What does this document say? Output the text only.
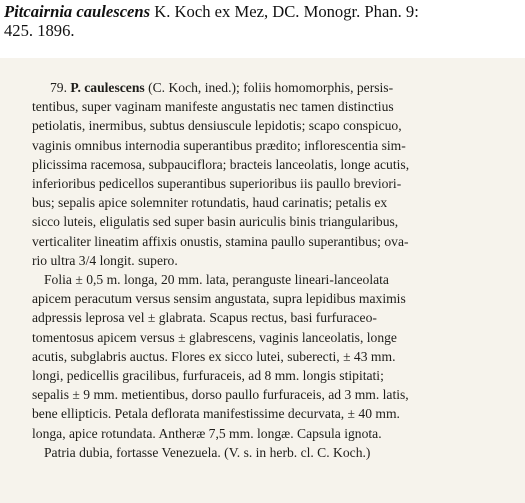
Pitcairnia caulescens K. Koch ex Mez, DC. Monogr. Phan. 9:
425. 1896.
79. P. caulescens (C. Koch, ined.); foliis homomorphis, persis-
tentibus, super vaginam manifeste angustatis nec tamen distinctius
petiolatis, inermibus, subtus densiuscule lepidotis; scapo conspicuo,
vaginis omnibus internodia superantibus prædito; inflorescentia sim-
plicissima racemosa, subpauciflora; bracteis lanceolatis, longe acutis,
inferioribus pedicellos superantibus superioribus iis paullo breviori-
bus; sepalis apice solemniter rotundatis, haud carinatis; petalis ex
sicco luteis, eligulatis sed super basin auriculis binis triangularibus,
verticaliter lineatim affixis onustis, stamina paullo superantibus; ova-
rio ultra 3/4 longit. supero.
Folia ± 0,5 m. longa, 20 mm. lata, peranguste lineari-lanceolata
apicem peracutum versus sensim angustata, supra lepidibus maximis
adpressis leprosa vel ± glabrata. Scapus rectus, basi furfuraceo-
tomentosus apicem versus ± glabrescens, vaginis lanceolatis, longe
acutis, subglabris auctus. Flores ex sicco lutei, suberecti, ± 43 mm.
longi, pedicellis gracilibus, furfuraceis, ad 8 mm. longis stipitati;
sepalis ± 9 mm. metientibus, dorso paullo furfuraceis, ad 3 mm. latis,
bene ellipticis. Petala deflorata manifestissime decurvata, ± 40 mm.
longa, apice rotundata. Antheræ 7,5 mm. longæ. Capsula ignota.
Patria dubia, fortasse Venezuela. (V. s. in herb. cl. C. Koch.)
